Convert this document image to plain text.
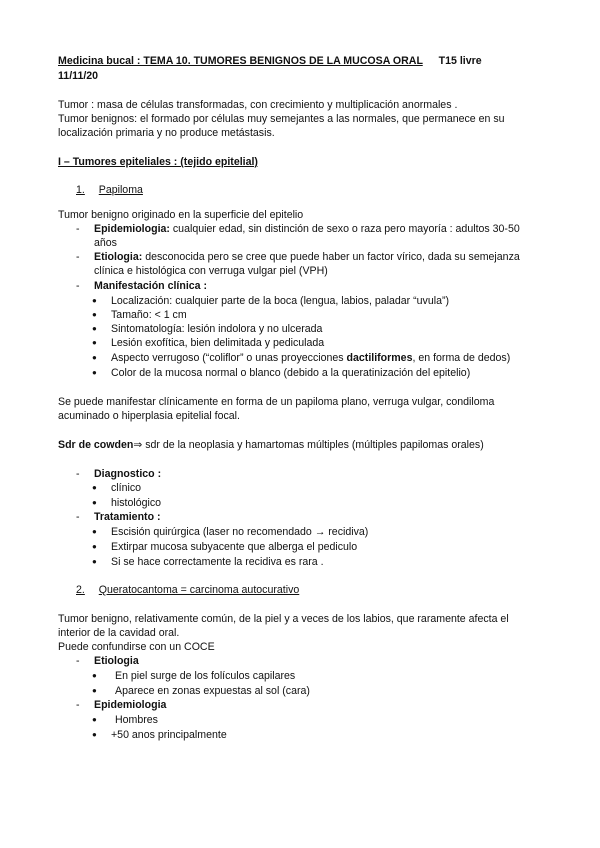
Medicina bucal : TEMA 10. TUMORES BENIGNOS DE LA MUCOSA ORAL T15 livre
11/11/20
Tumor : masa de células transformadas, con crecimiento y multiplicación anormales .
Tumor benignos: el formado por células muy semejantes a las normales, que permanece en su
localización primaria y no produce metástasis.
I – Tumores epiteliales : (tejido epitelial)
1. Papiloma
Tumor benigno originado en la superficie del epitelio
- Epidemiologia: cualquier edad, sin distinción de sexo o raza pero mayoría : adultos 30-50
años
- Etiologia: desconocida pero se cree que puede haber un factor vírico, dada su semejanza
clínica e histológica con verruga vulgar piel (VPH)
- Manifestación clínica :
● Localización: cualquier parte de la boca (lengua, labios, paladar “uvula”)
● Tamaño: < 1 cm
● Sintomatología: lesión indolora y no ulcerada
● Lesión exofítica, bien delimitada y pediculada
● Aspecto verrugoso (“coliflor” o unas proyecciones dactiliformes, en forma de dedos)
● Color de la mucosa normal o blanco (debido a la queratinización del epitelio)
Se puede manifestar clínicamente en forma de un papiloma plano, verruga vulgar, condiloma
acuminado o hiperplasia epitelial focal.
Sdr de cowden⇒ sdr de la neoplasia y hamartomas múltiples (múltiples papilomas orales)
- Diagnostico :
● clínico
● histológico
- Tratamiento :
● Escisión quirúrgica (laser no recomendado → recidiva)
● Extirpar mucosa subyacente que alberga el pediculo
● Si se hace correctamente la recidiva es rara .
2. Queratocantoma = carcinoma autocurativo
Tumor benigno, relativamente común, de la piel y a veces de los labios, que raramente afecta el
interior de la cavidad oral.
Puede confundirse con un COCE
- Etiologia
● En piel surge de los folículos capilares
● Aparece en zonas expuestas al sol (cara)
- Epidemiologia
● Hombres
● +50 anos principalmente
